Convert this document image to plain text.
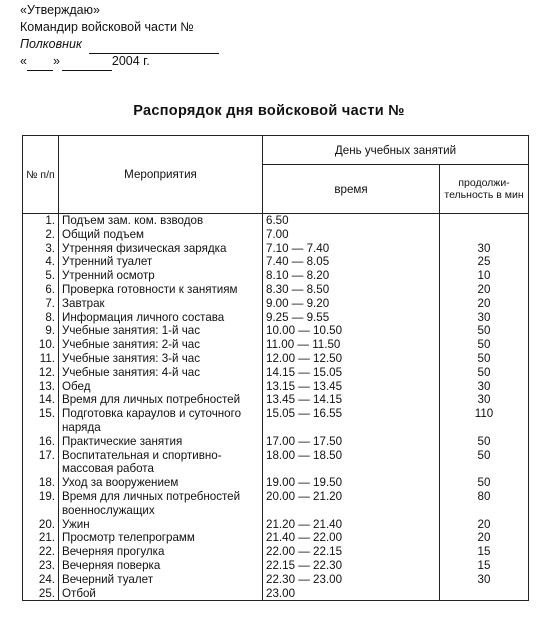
«Утверждаю»
Командир войсковой части №
Полковник
« »	2004 г.
Распорядок дня войсковой части №
№ п/п	Мероприятия	День учебных занятий	
		время	продолжи- тельность в мин
1.	Подъем зам. ком. взводов	6.50	
2.	Общий подъем	7.00	
3.	Утренняя физическая зарядка	7.10 — 7.40	30
4.	Утренний туалет	7.40 — 8.05	25
5.	Утренний осмотр	8.10 — 8.20	10
6.	Проверка готовности к занятиям	8.30 — 8.50	20
7.	Завтрак	9.00 — 9.20	20
8.	Информация личного состава	9.25 — 9.55	30
9.	Учебные занятия: 1-й час	10.00 — 10.50	50
10.	Учебные занятия: 2-й час	11.00 — 11.50	50
11.	Учебные занятия: 3-й час	12.00 — 12.50	50
12.	Учебные занятия: 4-й час	14.15 — 15.05	50
13.	Обед	13.15 — 13.45	30
14.	Время для личных потребностей	13.45 — 14.15	30
15.	Подготовка караулов и суточного наряда	15.05 — 16.55	110
16.	Практические занятия	17.00 — 17.50	50
17.	Воспитательная и спортивно-массовая работа	18.00 — 18.50	50
18.	Уход за вооружением	19.00 — 19.50	50
19.	Время для личных потребностей военнослужащих	20.00 — 21.20	80
20.	Ужин	21.20 — 21.40	20
21.	Просмотр телепрограмм	21.40 — 22.00	20
22.	Вечерняя прогулка	22.00 — 22.15	15
23.	Вечерняя поверка	22.15 — 22.30	15
24.	Вечерний туалет	22.30 — 23.00	30
25.	Отбой	23.00	
